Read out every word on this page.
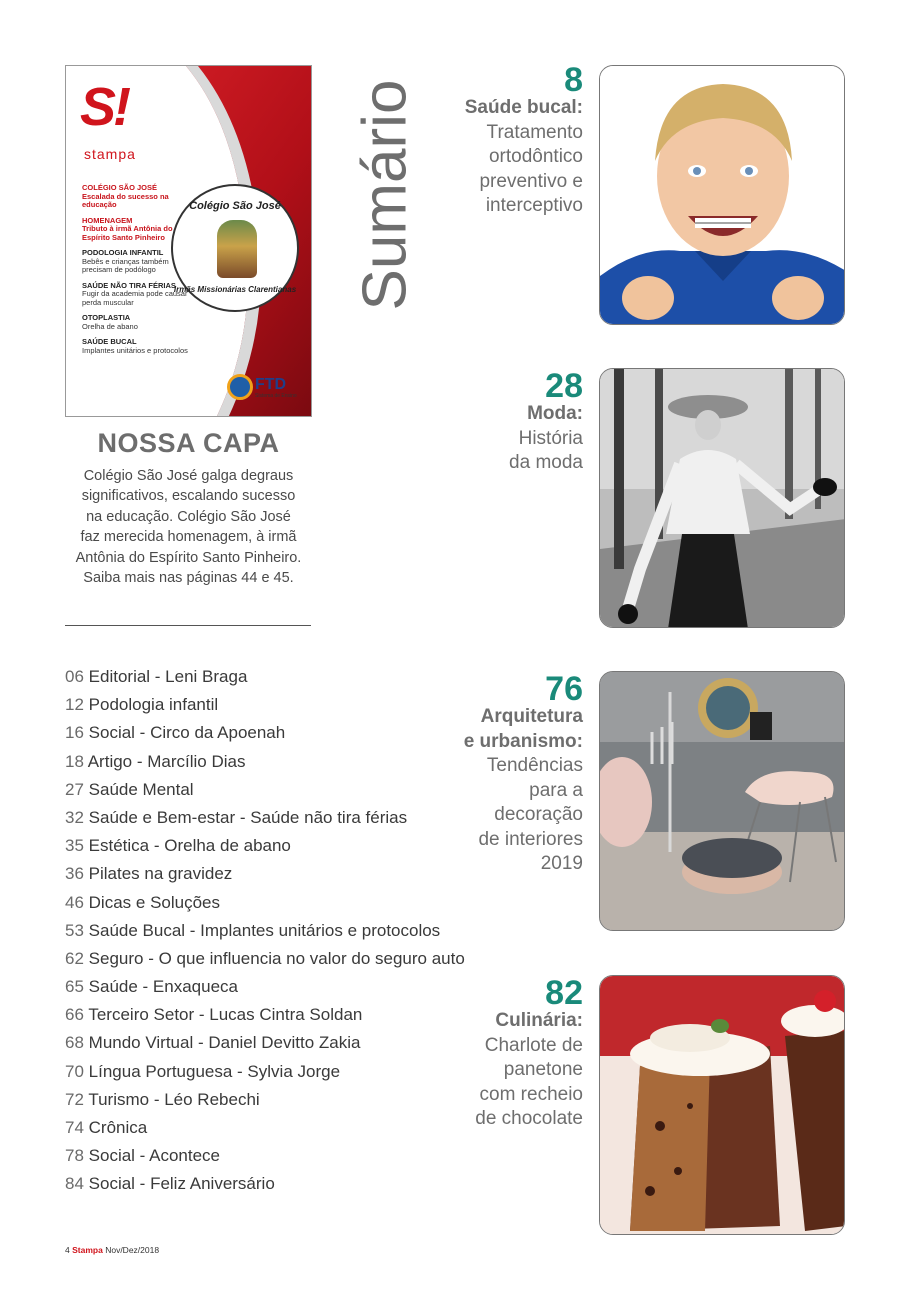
S!
stampa
COLÉGIO SÃO JOSÉ
Escalada do sucesso na educação
HOMENAGEM
Tributo à irmã Antônia do Espírito Santo Pinheiro
PODOLOGIA INFANTIL
Bebês e crianças também precisam de podólogo
SAÚDE NÃO TIRA FÉRIAS
Fugir da academia pode causar perda muscular
OTOPLASTIA
Orelha de abano
SAÚDE BUCAL
Implantes unitários e protocolos
Colégio São José
Irmãs Missionárias Clarentianas
FTD
Sistema de Ensino
NOSSA CAPA
Colégio São José galga degraus
significativos, escalando sucesso
na educação. Colégio São José
faz merecida homenagem, à irmã
Antônia do Espírito Santo Pinheiro.
Saiba mais nas páginas 44 e 45.
Sumário
06 Editorial - Leni Braga
12 Podologia infantil
16 Social - Circo da Apoenah
18 Artigo - Marcílio Dias
27 Saúde Mental
32 Saúde e Bem-estar - Saúde não tira férias
35 Estética - Orelha de abano
36 Pilates na gravidez
46 Dicas e Soluções
53 Saúde Bucal - Implantes unitários e protocolos
62 Seguro - O que influencia no valor do seguro auto
65 Saúde - Enxaqueca
66 Terceiro Setor - Lucas Cintra Soldan
68 Mundo Virtual - Daniel Devitto Zakia
70 Língua Portuguesa - Sylvia Jorge
72 Turismo - Léo Rebechi
74 Crônica
78 Social - Acontece
84 Social - Feliz Aniversário
8
Saúde bucal:
Tratamento
ortodôntico
preventivo e
interceptivo
28
Moda:
História
da moda
76
Arquitetura
e urbanismo:
Tendências
para a
decoração
de interiores
2019
82
Culinária:
Charlote de
panetone
com recheio
de chocolate
4 Stampa Nov/Dez/2018
